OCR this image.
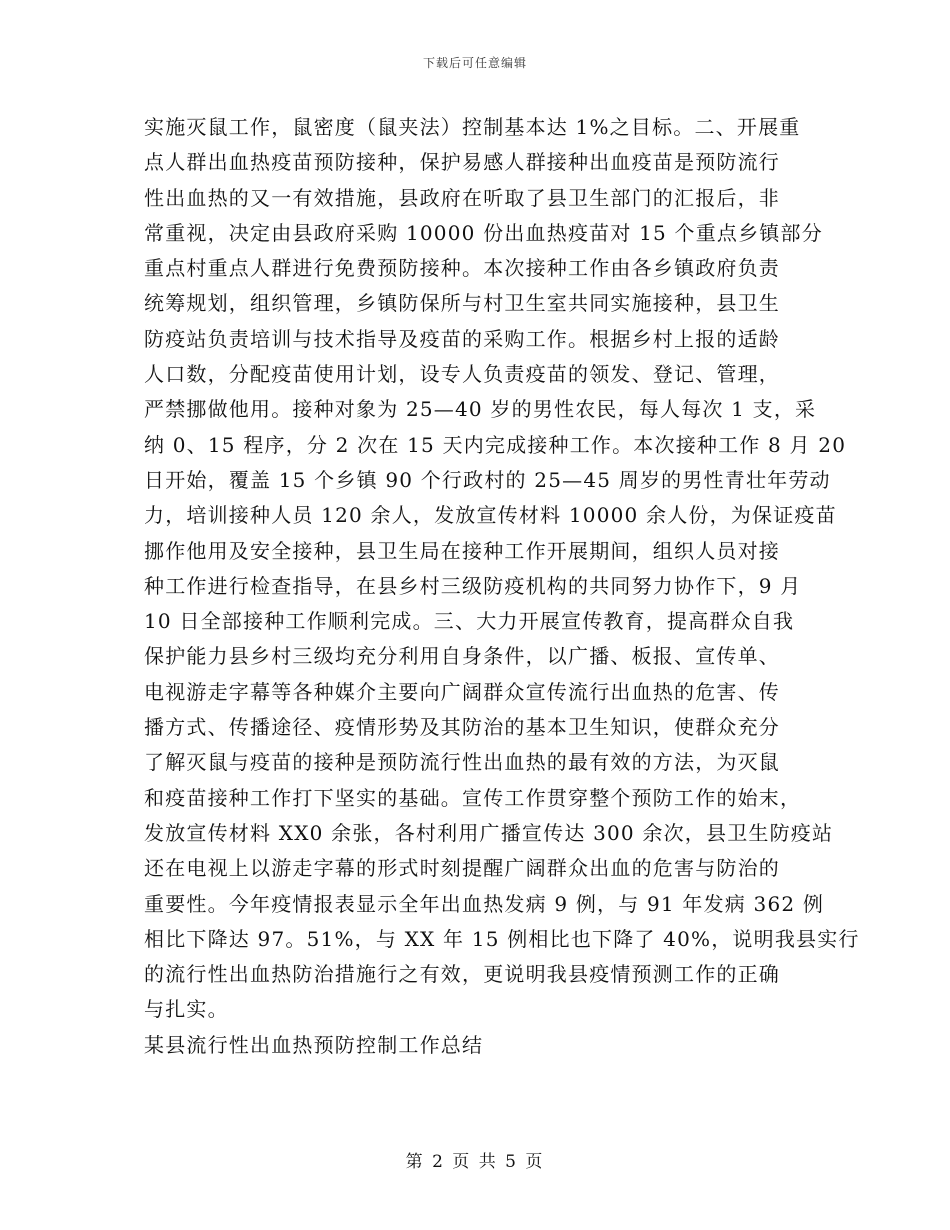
下载后可任意编辑
实施灭鼠工作，鼠密度（鼠夹法）控制基本达 1%之目标。二、开展重
点人群出血热疫苗预防接种，保护易感人群接种出血疫苗是预防流行
性出血热的又一有效措施，县政府在听取了县卫生部门的汇报后，非
常重视，决定由县政府采购 10000 份出血热疫苗对 15 个重点乡镇部分
重点村重点人群进行免费预防接种。本次接种工作由各乡镇政府负责
统筹规划，组织管理，乡镇防保所与村卫生室共同实施接种，县卫生
防疫站负责培训与技术指导及疫苗的采购工作。根据乡村上报的适龄
人口数，分配疫苗使用计划，设专人负责疫苗的领发、登记、管理，
严禁挪做他用。接种对象为 25—40 岁的男性农民，每人每次 1 支，采
纳 0、15 程序，分 2 次在 15 天内完成接种工作。本次接种工作 8 月 20
日开始，覆盖 15 个乡镇 90 个行政村的 25—45 周岁的男性青壮年劳动
力，培训接种人员 120 余人，发放宣传材料 10000 余人份，为保证疫苗
挪作他用及安全接种，县卫生局在接种工作开展期间，组织人员对接
种工作进行检查指导，在县乡村三级防疫机构的共同努力协作下，9 月
10 日全部接种工作顺利完成。三、大力开展宣传教育，提高群众自我
保护能力县乡村三级均充分利用自身条件，以广播、板报、宣传单、
电视游走字幕等各种媒介主要向广阔群众宣传流行出血热的危害、传
播方式、传播途径、疫情形势及其防治的基本卫生知识，使群众充分
了解灭鼠与疫苗的接种是预防流行性出血热的最有效的方法，为灭鼠
和疫苗接种工作打下坚实的基础。宣传工作贯穿整个预防工作的始末，
发放宣传材料 XX0 余张，各村利用广播宣传达 300 余次，县卫生防疫站
还在电视上以游走字幕的形式时刻提醒广阔群众出血的危害与防治的
重要性。今年疫情报表显示全年出血热发病 9 例，与 91 年发病 362 例
相比下降达 97。51%，与 XX 年 15 例相比也下降了 40%，说明我县实行
的流行性出血热防治措施行之有效，更说明我县疫情预测工作的正确
与扎实。
某县流行性出血热预防控制工作总结
第 2 页 共 5 页
